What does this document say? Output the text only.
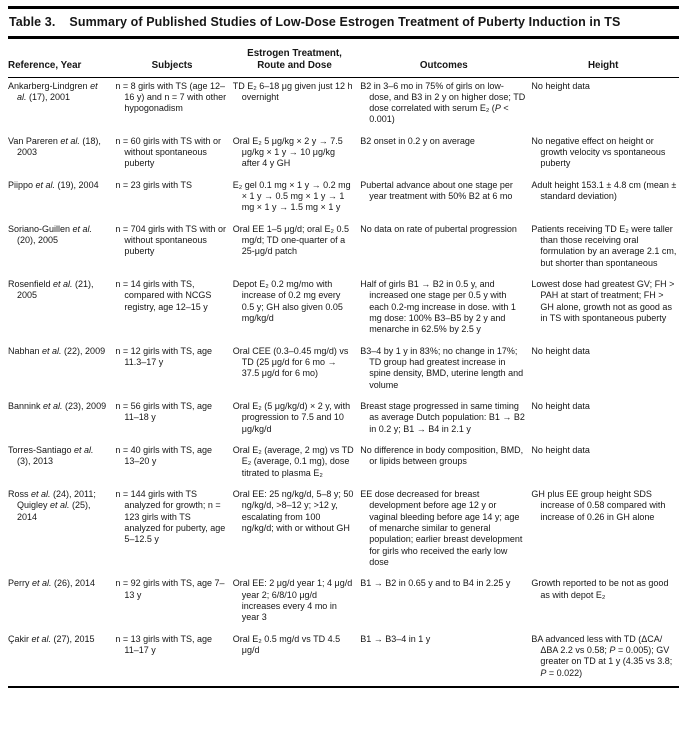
Table 3. Summary of Published Studies of Low-Dose Estrogen Treatment of Puberty Induction in TS
Reference, Year	Subjects	Estrogen Treatment, Route and Dose	Outcomes	Height
Ankarberg-Lindgren et al. (17), 2001	n = 8 girls with TS (age 12–16 y) and n = 7 with other hypogonadism	TD E₂ 6–18 μg given just 12 h overnight	B2 in 3–6 mo in 75% of girls on low-dose, and B3 in 2 y on higher dose; TD dose correlated with serum E₂ (P < 0.001)	No height data
Van Pareren et al. (18), 2003	n = 60 girls with TS with or without spontaneous puberty	Oral E₂ 5 μg/kg × 2 y → 7.5 μg/kg × 1 y → 10 μg/kg after 4 y GH	B2 onset in 0.2 y on average	No negative effect on height or growth velocity vs spontaneous puberty
Piippo et al. (19), 2004	n = 23 girls with TS	E₂ gel 0.1 mg × 1 y → 0.2 mg × 1 y → 0.5 mg × 1 y → 1 mg × 1 y → 1.5 mg × 1 y	Pubertal advance about one stage per year treatment with 50% B2 at 6 mo	Adult height 153.1 ± 4.8 cm (mean ± standard deviation)
Soriano-Guillen et al. (20), 2005	n = 704 girls with TS with or without spontaneous puberty	Oral EE 1–5 μg/d; oral E₂ 0.5 mg/d; TD one-quarter of a 25-μg/d patch	No data on rate of pubertal progression	Patients receiving TD E₂ were taller than those receiving oral formulation by an average 2.1 cm, but shorter than spontaneous
Rosenfield et al. (21), 2005	n = 14 girls with TS, compared with NCGS registry, age 12–15 y	Depot E₂ 0.2 mg/mo with increase of 0.2 mg every 0.5 y; GH also given 0.05 mg/kg/d	Half of girls B1 → B2 in 0.5 y, and increased one stage per 0.5 y with each 0.2-mg increase in dose. with 1 mg dose: 100% B3–B5 by 2 y and menarche in 62.5% by 2.5 y	Lowest dose had greatest GV; FH > PAH at start of treatment; FH > GH alone, growth not as good as in TS with spontaneous puberty
Nabhan et al. (22), 2009	n = 12 girls with TS, age 11.3–17 y	Oral CEE (0.3–0.45 mg/d) vs TD (25 μg/d for 6 mo → 37.5 μg/d for 6 mo)	B3–4 by 1 y in 83%; no change in 17%; TD group had greatest increase in spine density, BMD, uterine length and volume	No height data
Bannink et al. (23), 2009	n = 56 girls with TS, age 11–18 y	Oral E₂ (5 μg/kg/d) × 2 y, with progression to 7.5 and 10 μg/kg/d	Breast stage progressed in same timing as average Dutch population: B1 → B2 in 0.2 y; B1 → B4 in 2.1 y	No height data
Torres-Santiago et al. (3), 2013	n = 40 girls with TS, age 13–20 y	Oral E₂ (average, 2 mg) vs TD E₂ (average, 0.1 mg), dose titrated to plasma E₂	No difference in body composition, BMD, or lipids between groups	No height data
Ross et al. (24), 2011; Quigley et al. (25), 2014	n = 144 girls with TS analyzed for growth; n = 123 girls with TS analyzed for puberty, age 5–12.5 y	Oral EE: 25 ng/kg/d, 5–8 y; 50 ng/kg/d, >8–12 y; >12 y, escalating from 100 ng/kg/d; with or without GH	EE dose decreased for breast development before age 12 y or vaginal bleeding before age 14 y; age of menarche similar to general population; earlier breast development for girls who received the early low dose	GH plus EE group height SDS increase of 0.58 compared with increase of 0.26 in GH alone
Perry et al. (26), 2014	n = 92 girls with TS, age 7–13 y	Oral EE: 2 μg/d year 1; 4 μg/d year 2; 6/8/10 μg/d increases every 4 mo in year 3	B1 → B2 in 0.65 y and to B4 in 2.25 y	Growth reported to be not as good as with depot E₂
Çakir et al. (27), 2015	n = 13 girls with TS, age 11–17 y	Oral E₂ 0.5 mg/d vs TD 4.5 μg/d	B1 → B3–4 in 1 y	BA advanced less with TD (ΔCA/ΔBA 2.2 vs 0.58; P = 0.005); GV greater on TD at 1 y (4.35 vs 3.8; P = 0.022)
